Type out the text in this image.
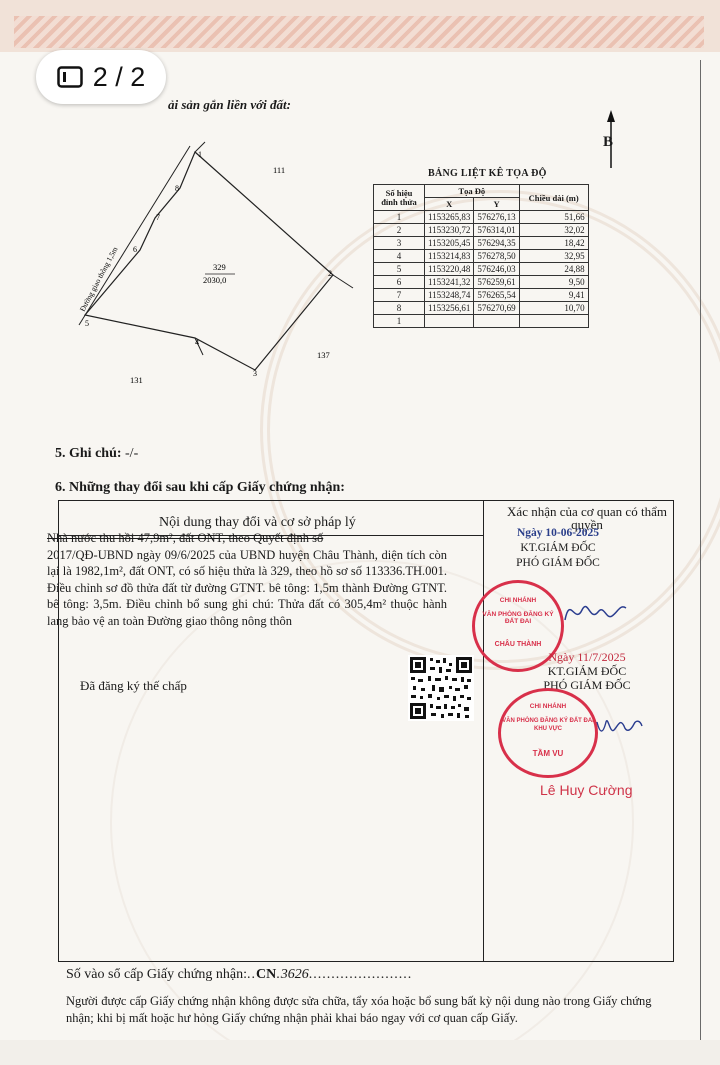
2 / 2
ải sản gắn liền với đất:
B
1
2
3
4
5
6
7
8
329
2030,0
Đường giao thông 1,5m
111
137
131
BẢNG LIỆT KÊ TỌA ĐỘ
Số hiệu đỉnh thửa	Tọa Độ		Chiều dài (m)
	X	Y	
1	1153265,83	576276,13	51,66
2	1153230,72	576314,01	32,02
3	1153205,45	576294,35	18,42
4	1153214,83	576278,50	32,95
5	1153220,48	576246,03	24,88
6	1153241,32	576259,61	9,50
7	1153248,74	576265,54	9,41
8	1153256,61	576270,69	10,70
1			
5. Ghi chú: -/-
6. Những thay đổi sau khi cấp Giấy chứng nhận:
Nội dung thay đổi và cơ sở pháp lý
Xác nhận của cơ quan có thẩm quyền
Nhà nước thu hồi 47,9m², đất ONT, theo Quyết định số
2017/QĐ-UBND ngày 09/6/2025 của UBND huyện Châu Thành, diện tích còn lại là 1982,1m², đất ONT, có số hiệu thửa là 329, theo hồ sơ số 113336.TH.001. Điều chỉnh sơ đồ thửa đất từ đường GTNT. bê tông: 1,5m thành Đường GTNT. bê tông: 3,5m. Điều chỉnh bổ sung ghi chú: Thửa đất có 305,4m² thuộc hành lang bảo vệ an toàn Đường giao thông nông thôn
Đã đăng ký thế chấp
Ngày 10-06-2025
KT.GIÁM ĐỐC
PHÓ GIÁM ĐỐC
CHI NHÁNH
VĂN PHÒNG ĐĂNG KÝ ĐẤT ĐAI
CHÂU THÀNH
Ngày 11/7/2025
KT.GIÁM ĐỐC
PHÓ GIÁM ĐỐC
CHI NHÁNH
VĂN PHÒNG ĐĂNG KÝ ĐẤT ĐAI KHU VỰC
TẦM VU
Lê Huy Cường
Số vào sổ cấp Giấy chứng nhận:..CN.3626.......................
Người được cấp Giấy chứng nhận không được sửa chữa, tẩy xóa hoặc bổ sung bất kỳ nội dung nào trong Giấy chứng nhận; khi bị mất hoặc hư hỏng Giấy chứng nhận phải khai báo ngay với cơ quan cấp Giấy.
